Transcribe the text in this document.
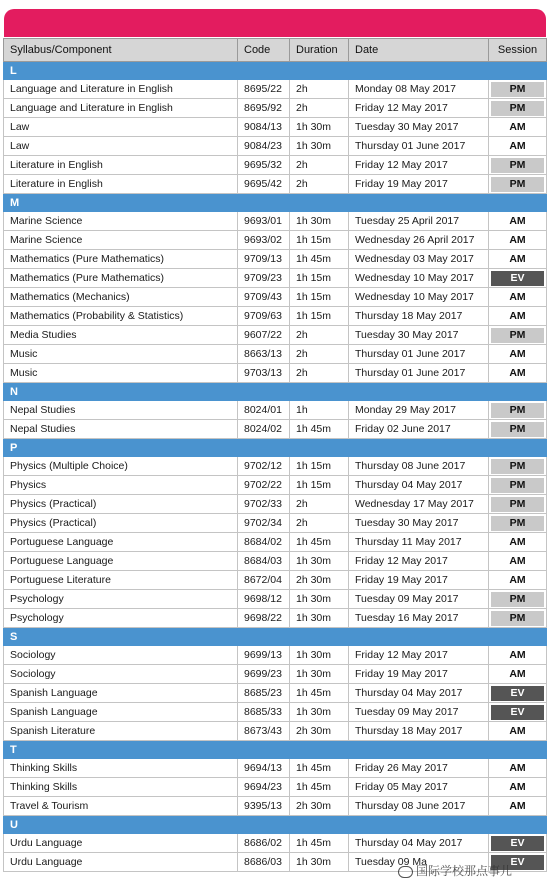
Syllabus/Component	Code	Duration	Date	Session
L				
Language and Literature in English	8695/22	2h	Monday 08 May 2017	PM

Language and Literature in English	8695/92	2h	Friday 12 May 2017	PM

Law	9084/13	1h 30m	Tuesday 30 May 2017	AM

Law	9084/23	1h 30m	Thursday 01 June 2017	AM

Literature in English	9695/32	2h	Friday 12 May 2017	PM

Literature in English	9695/42	2h	Friday 19 May 2017	PM

M				
Marine Science	9693/01	1h 30m	Tuesday 25 April 2017	AM

Marine Science	9693/02	1h 15m	Wednesday 26 April 2017	AM

Mathematics (Pure Mathematics)	9709/13	1h 45m	Wednesday 03 May 2017	AM

Mathematics (Pure Mathematics)	9709/23	1h 15m	Wednesday 10 May 2017	EV

Mathematics (Mechanics)	9709/43	1h 15m	Wednesday 10 May 2017	AM

Mathematics (Probability & Statistics)	9709/63	1h 15m	Thursday 18 May 2017	AM

Media Studies	9607/22	2h	Tuesday 30 May 2017	PM

Music	8663/13	2h	Thursday 01 June 2017	AM

Music	9703/13	2h	Thursday 01 June 2017	AM

N				
Nepal Studies	8024/01	1h	Monday 29 May 2017	PM

Nepal Studies	8024/02	1h 45m	Friday 02 June 2017	PM

P				
Physics (Multiple Choice)	9702/12	1h 15m	Thursday 08 June 2017	PM

Physics	9702/22	1h 15m	Thursday 04 May 2017	PM

Physics (Practical)	9702/33	2h	Wednesday 17 May 2017	PM

Physics (Practical)	9702/34	2h	Tuesday 30 May 2017	PM

Portuguese Language	8684/02	1h 45m	Thursday 11 May 2017	AM

Portuguese Language	8684/03	1h 30m	Friday 12 May 2017	AM

Portuguese Literature	8672/04	2h 30m	Friday 19 May 2017	AM

Psychology	9698/12	1h 30m	Tuesday 09 May 2017	PM

Psychology	9698/22	1h 30m	Tuesday 16 May 2017	PM

S				
Sociology	9699/13	1h 30m	Friday 12 May 2017	AM

Sociology	9699/23	1h 30m	Friday 19 May 2017	AM

Spanish Language	8685/23	1h 45m	Thursday 04 May 2017	EV

Spanish Language	8685/33	1h 30m	Tuesday 09 May 2017	EV

Spanish Literature	8673/43	2h 30m	Thursday 18 May 2017	AM

T				
Thinking Skills	9694/13	1h 45m	Friday 26 May 2017	AM

Thinking Skills	9694/23	1h 45m	Friday 05 May 2017	AM

Travel & Tourism	9395/13	2h 30m	Thursday 08 June 2017	AM

U				
Urdu Language	8686/02	1h 45m	Thursday 04 May 2017	EV

Urdu Language	8686/03	1h 30m	Tuesday 09 Ma	EV
国际学校那点事儿
